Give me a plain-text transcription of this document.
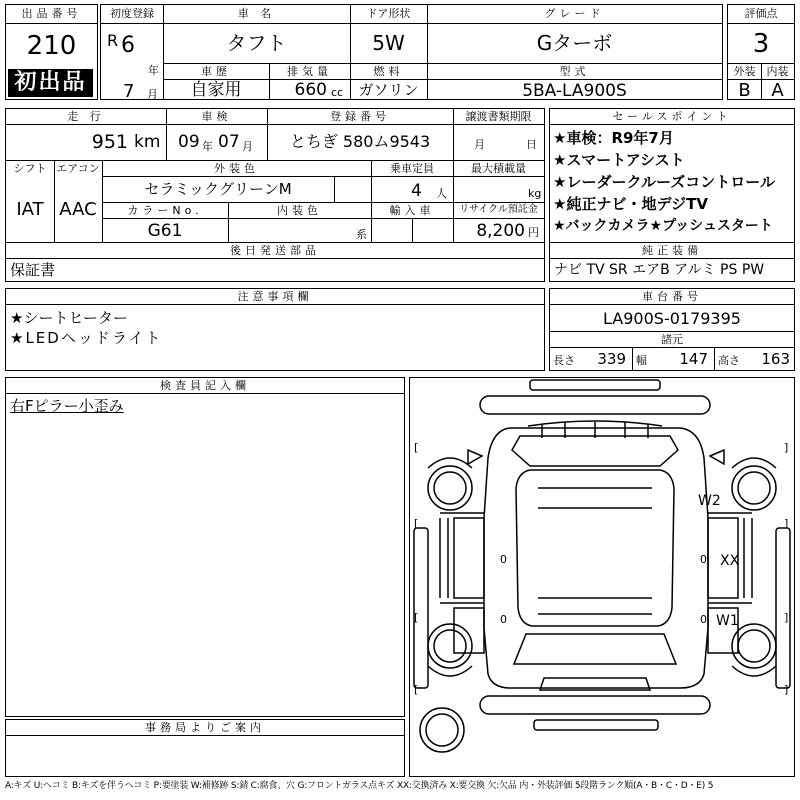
出品番号
210
初出品
初度登録
R 6
年
7 月
車 名
タフト
ドア形状
5W
グレード
Gターボ
車歴
自家用
排気量
660 cc
燃料
ガソリン
型式
5BA-LA900S
評価点
3
外装	内装
B	A
走 行
951 km
車検
09 年 07 月
登録番号
とちぎ 580ム9543
譲渡書類期限
月	日
シフト
IAT
エアコン
AAC
外装色
セラミックグリーンM
乗車定員
4 人
最大積載量
kg
カラーNo.
G61
内装色
系
輸入車	リサイクル預託金
8,200 円
後日発送部品
保証書
セールスポイント
★車検：R9年7月
★スマートアシスト
★レーダークルーズコントロール
★純正ナビ・地デジTV
★バックカメラ★プッシュスタート
純正装備
ナビ TV SR エアB アルミ PS PW
注意事項欄
★シートヒーター
★LEDヘッドライト
車台番号
LA900S-0179395
諸元
長さ	339 幅	147 高さ	163
検査員記入欄
右Fピラー小歪み
事務局よりご案内
W2
XX
W1
0	0
0	0
[	]
[	]
[	]
[	]
A:キズ U:ヘコミ B:キズを伴うヘコミ P:要塗装 W:補修跡 S:錆 C:腐食、穴 G:フロントガラス点キズ XX:交換済み X:要交換 欠:欠品 内・外装評価 5段階ランク順(A・B・C・D・E) 5
